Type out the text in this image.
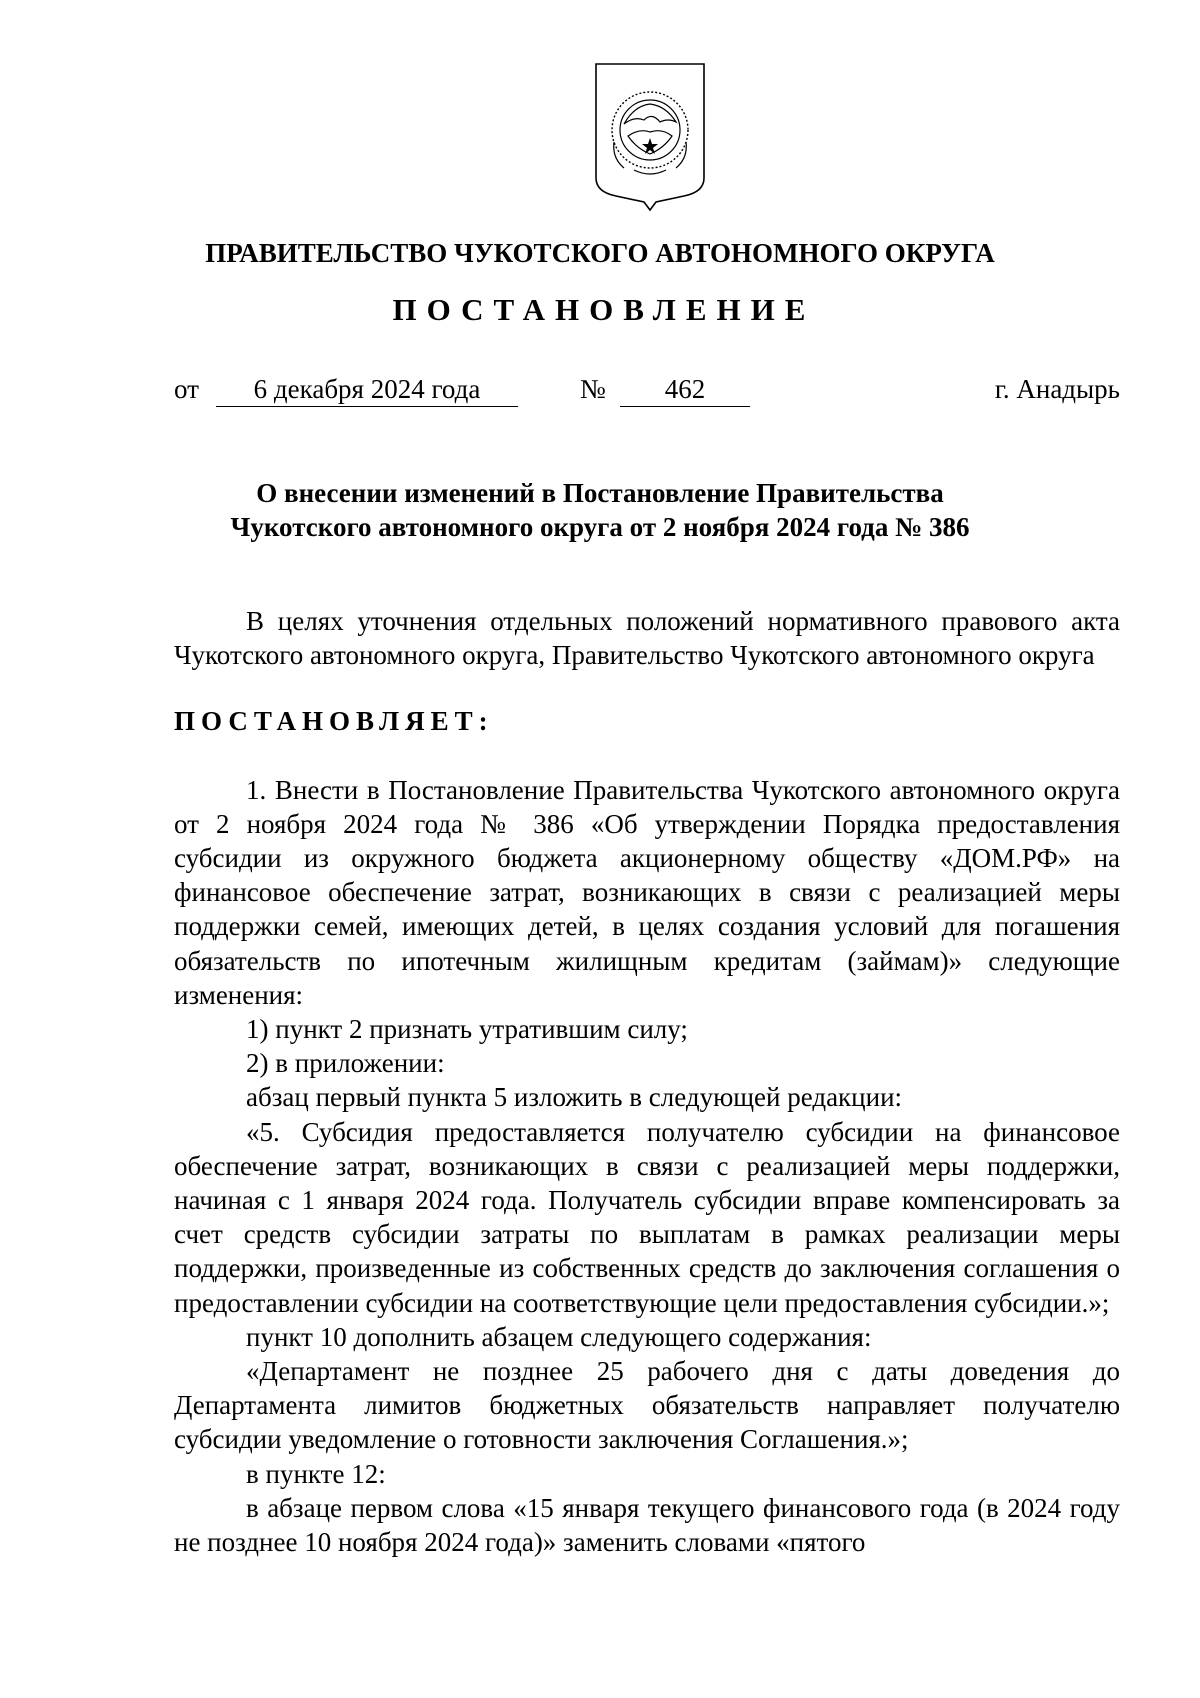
ПРАВИТЕЛЬСТВО ЧУКОТСКОГО АВТОНОМНОГО ОКРУГА
ПОСТАНОВЛЕНИЕ
от	6 декабря 2024 года	№	462	г. Анадырь
О внесении изменений в Постановление Правительства
Чукотского автономного округа от 2 ноября 2024 года № 386

В целях уточнения отдельных положений нормативного правового акта Чукотского автономного округа, Правительство Чукотского автономного округа

ПОСТАНОВЛЯЕТ:

1. Внести в Постановление Правительства Чукотского автономного округа от 2 ноября 2024 года № 386 «Об утверждении Порядка предоставления субсидии из окружного бюджета акционерному обществу «ДОМ.РФ» на финансовое обеспечение затрат, возникающих в связи с реализацией меры поддержки семей, имеющих детей, в целях создания условий для погашения обязательств по ипотечным жилищным кредитам (займам)» следующие изменения:

1) пункт 2 признать утратившим силу;

2) в приложении:

абзац первый пункта 5 изложить в следующей редакции:

«5. Субсидия предоставляется получателю субсидии на финансовое обеспечение затрат, возникающих в связи с реализацией меры поддержки, начиная с 1 января 2024 года. Получатель субсидии вправе компенсировать за счет средств субсидии затраты по выплатам в рамках реализации меры поддержки, произведенные из собственных средств до заключения соглашения о предоставлении субсидии на соответствующие цели предоставления субсидии.»;

пункт 10 дополнить абзацем следующего содержания:

«Департамент не позднее 25 рабочего дня с даты доведения до Департамента лимитов бюджетных обязательств направляет получателю субсидии уведомление о готовности заключения Соглашения.»;

в пункте 12:

в абзаце первом слова «15 января текущего финансового года (в 2024 году не позднее 10 ноября 2024 года)» заменить словами «пятого
